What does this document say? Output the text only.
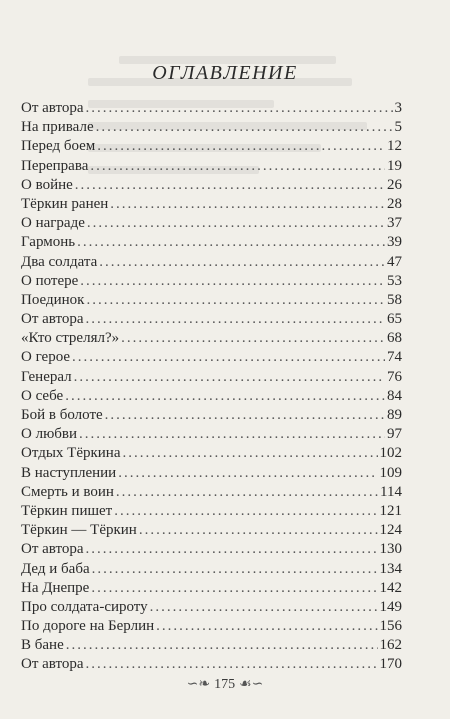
ОГЛАВЛЕНИЕ
От автора .....	3
На привале .....	5
Перед боем .....	12
Переправа .....	19
О войне .....	26
Тёркин ранен .....	28
О награде .....	37
Гармонь .....	39
Два солдата .....	47
О потере .....	53
Поединок .....	58
От автора .....	65
«Кто стрелял?» .....	68
О герое .....	74
Генерал .....	76
О себе .....	84
Бой в болоте .....	89
О любви .....	97
Отдых Тёркина .....	102
В наступлении .....	109
Смерть и воин .....	114
Тёркин пишет .....	121
Тёркин — Тёркин .....	124
От автора .....	130
Дед и баба .....	134
На Днепре .....	142
Про солдата-сироту .....	149
По дороге на Берлин .....	156
В бане .....	162
От автора .....	170
∽❧ 175 ☙∽
